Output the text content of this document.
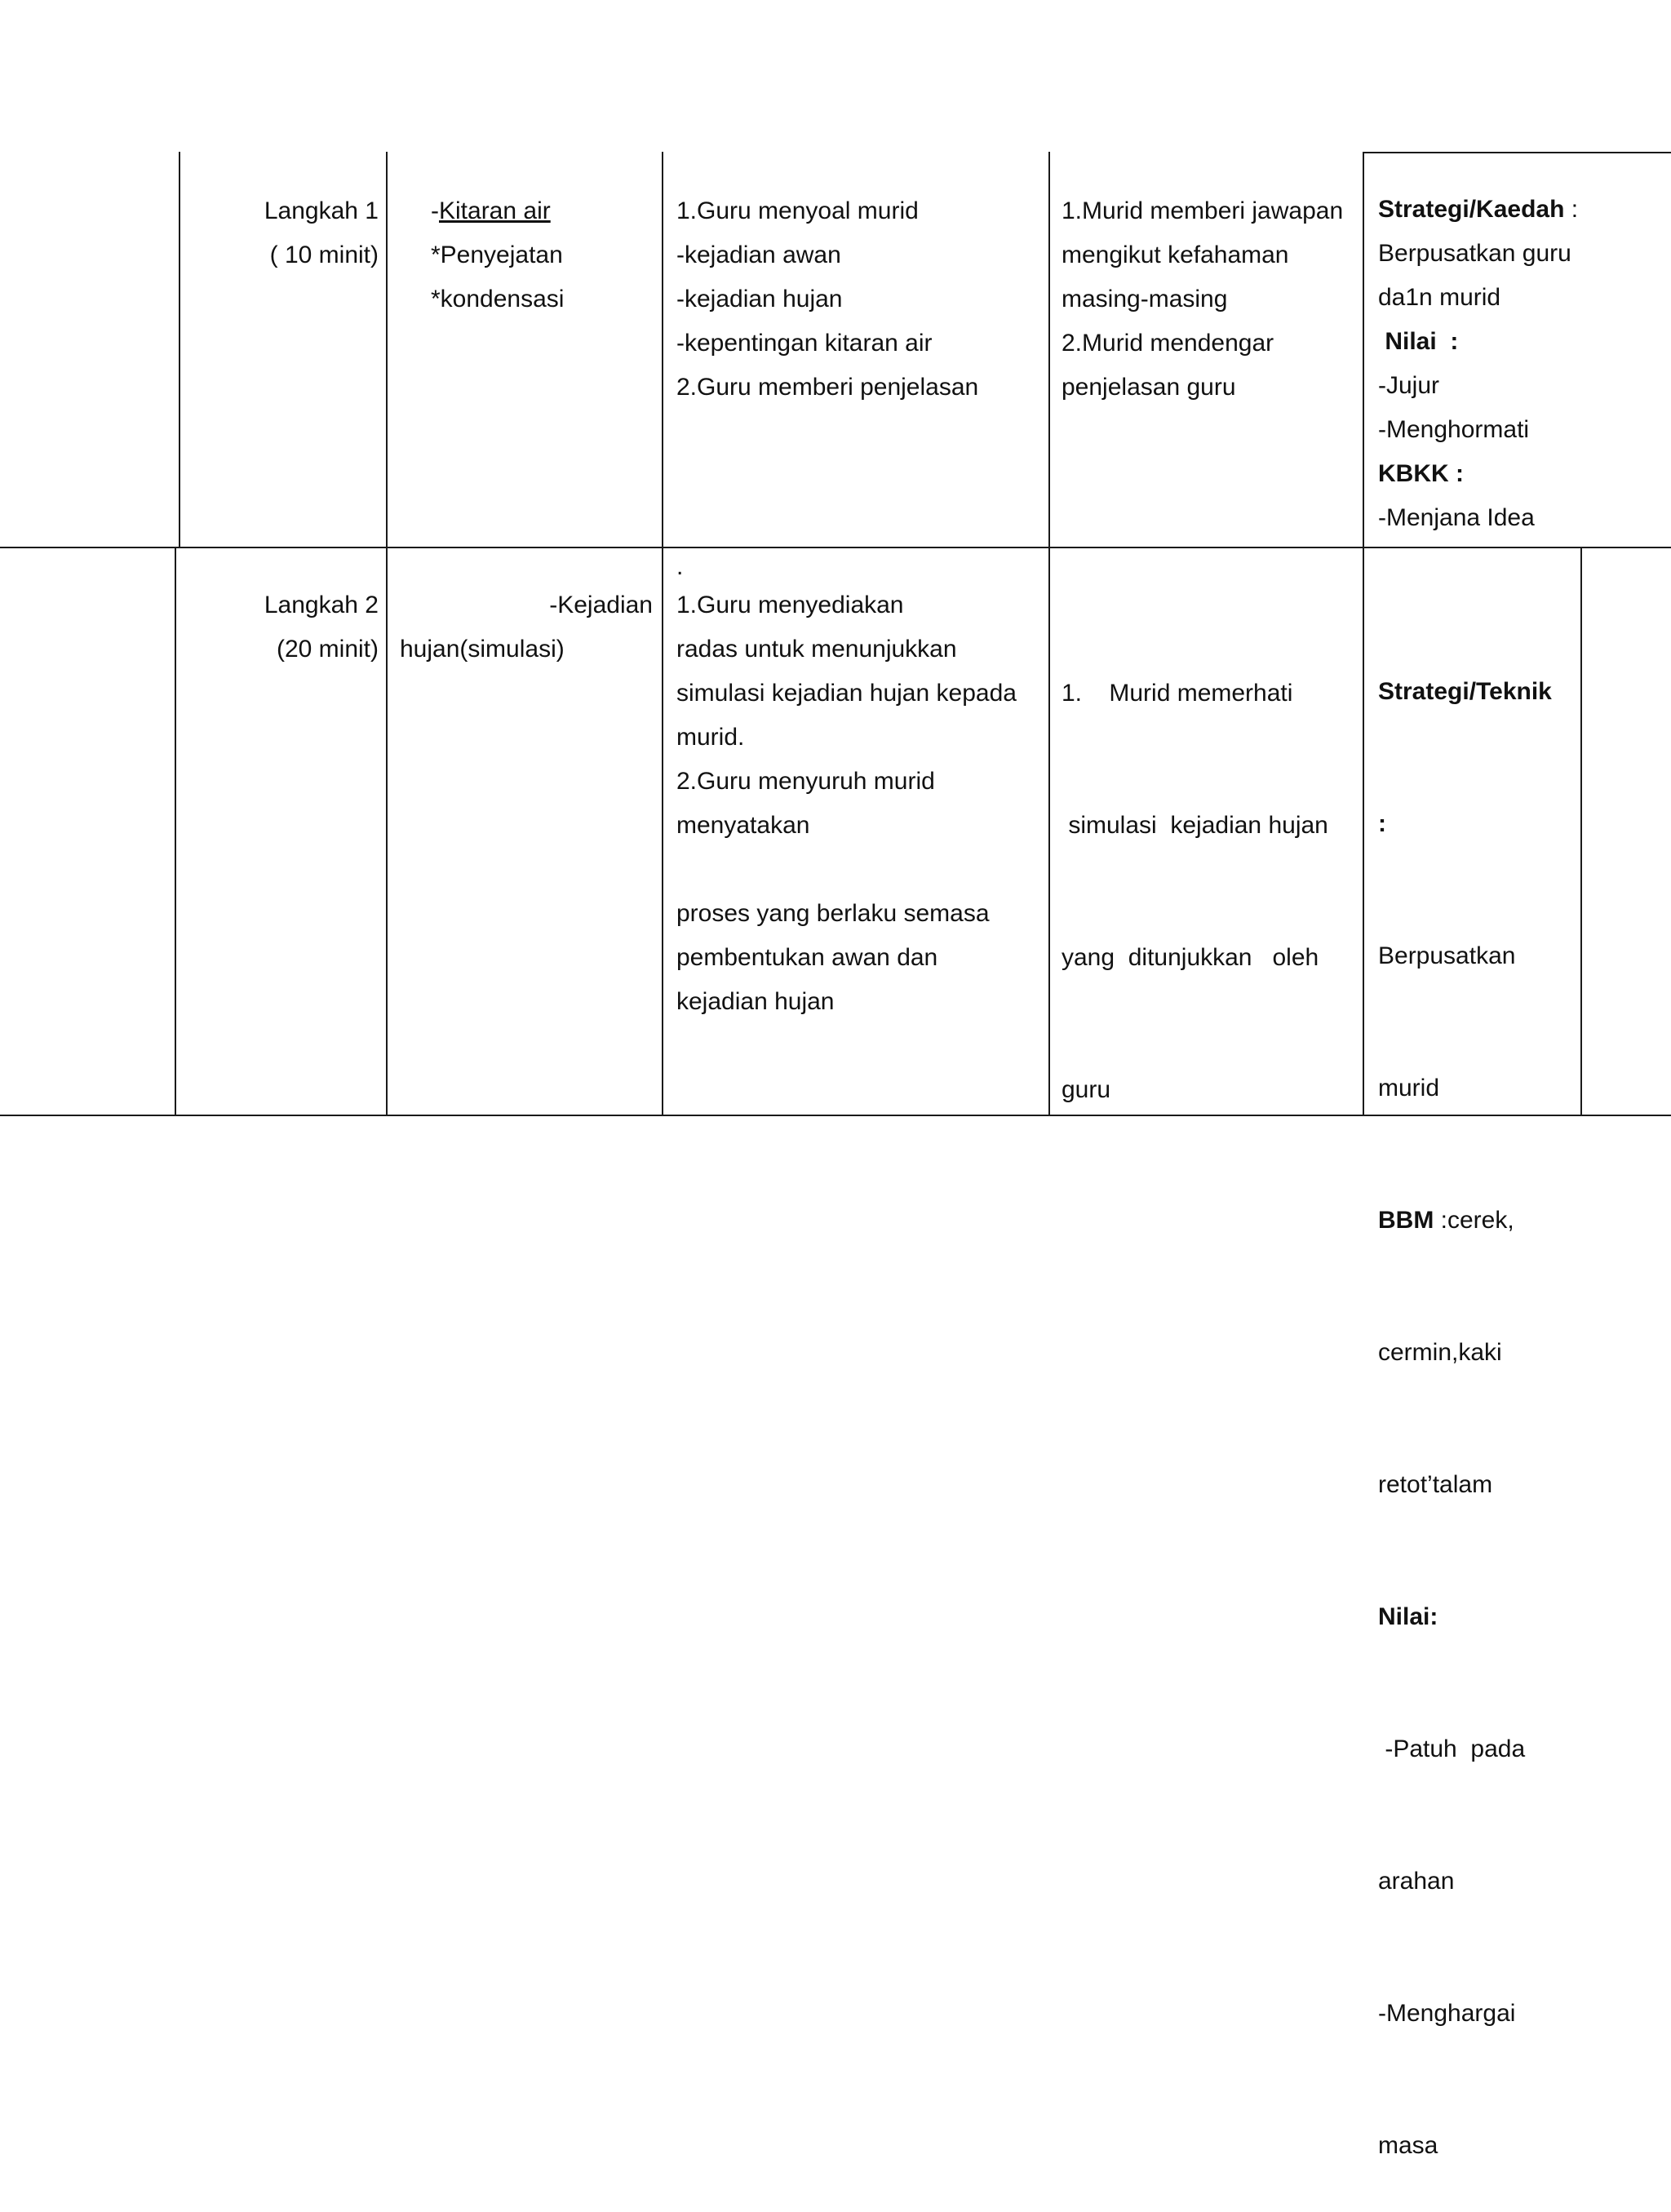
Langkah 1
( 10 minit)
-Kitaran air
*Penyejatan
*kondensasi
1.Guru menyoal murid
-kejadian awan
-kejadian hujan
-kepentingan kitaran air
2.Guru memberi penjelasan
1.Murid memberi jawapan
mengikut kefahaman
masing-masing
2.Murid mendengar
penjelasan guru
Strategi/Kaedah :
Berpusatkan guru
da1n murid
Nilai  :
-Jujur
-Menghormati
KBKK :
-Menjana Idea
Langkah 2
(20 minit)
-Kejadian
hujan(simulasi)
.
1.Guru menyediakan
radas untuk menunjukkan
simulasi kejadian hujan kepada
murid.
2.Guru menyuruh murid
menyatakan
proses yang berlaku semasa
pembentukan awan dan
kejadian hujan

1.    Murid memerhati

simulasi  kejadian hujan

yang  ditunjukkan   oleh

guru

Strategi/Teknik

:

Berpusatkan

murid

BBM :cerek,

cermin,kaki

retot’talam

Nilai:

-Patuh  pada

arahan

-Menghargai

masa
